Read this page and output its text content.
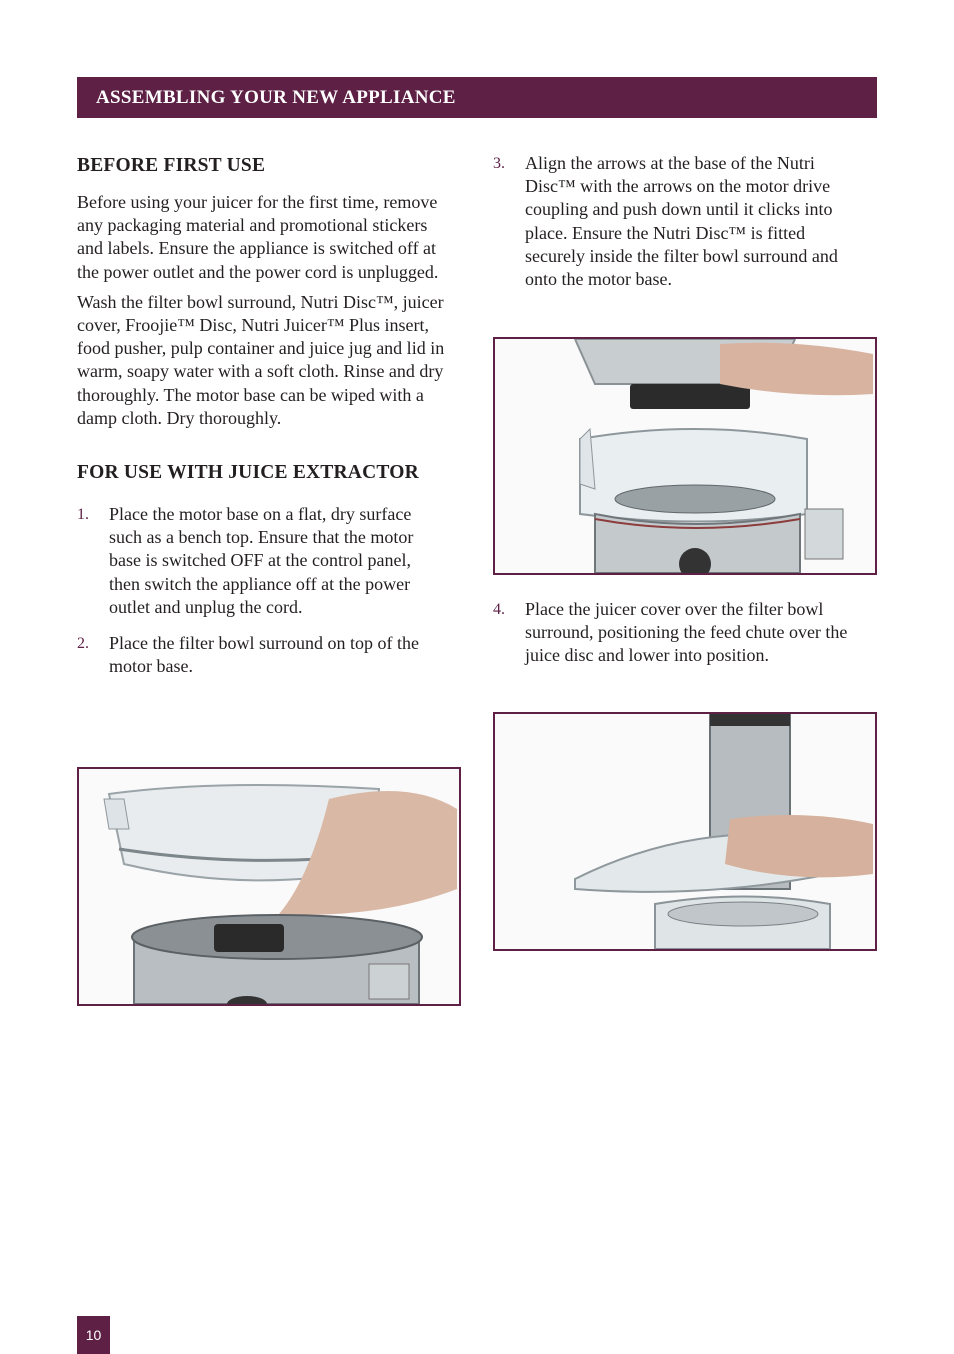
ASSEMBLING YOUR NEW APPLIANCE
BEFORE FIRST USE

Before using your juicer for the first time, remove any packaging material and promotional stickers and labels. Ensure the appliance is switched off at the power outlet and the power cord is unplugged.

Wash the filter bowl surround, Nutri Disc™, juicer cover, Froojie™ Disc, Nutri Juicer™ Plus insert, food pusher, pulp container and juice jug and lid in warm, soapy water with a soft cloth. Rinse and dry thoroughly. The motor base can be wiped with a damp cloth. Dry thoroughly.

FOR USE WITH JUICE EXTRACTOR
1.	Place the motor base on a flat, dry surface such as a bench top. Ensure that the motor base is switched OFF at the control panel, then switch the appliance off at the power outlet and unplug the cord.
2.	Place the filter bowl surround on top of the motor base.
3.	Align the arrows at the base of the Nutri Disc™ with the arrows on the motor drive coupling and push down until it clicks into place. Ensure the Nutri Disc™ is fitted securely inside the filter bowl surround and onto the motor base.
4.	Place the juicer cover over the filter bowl surround, positioning the feed chute over the juice disc and lower into position.
10
